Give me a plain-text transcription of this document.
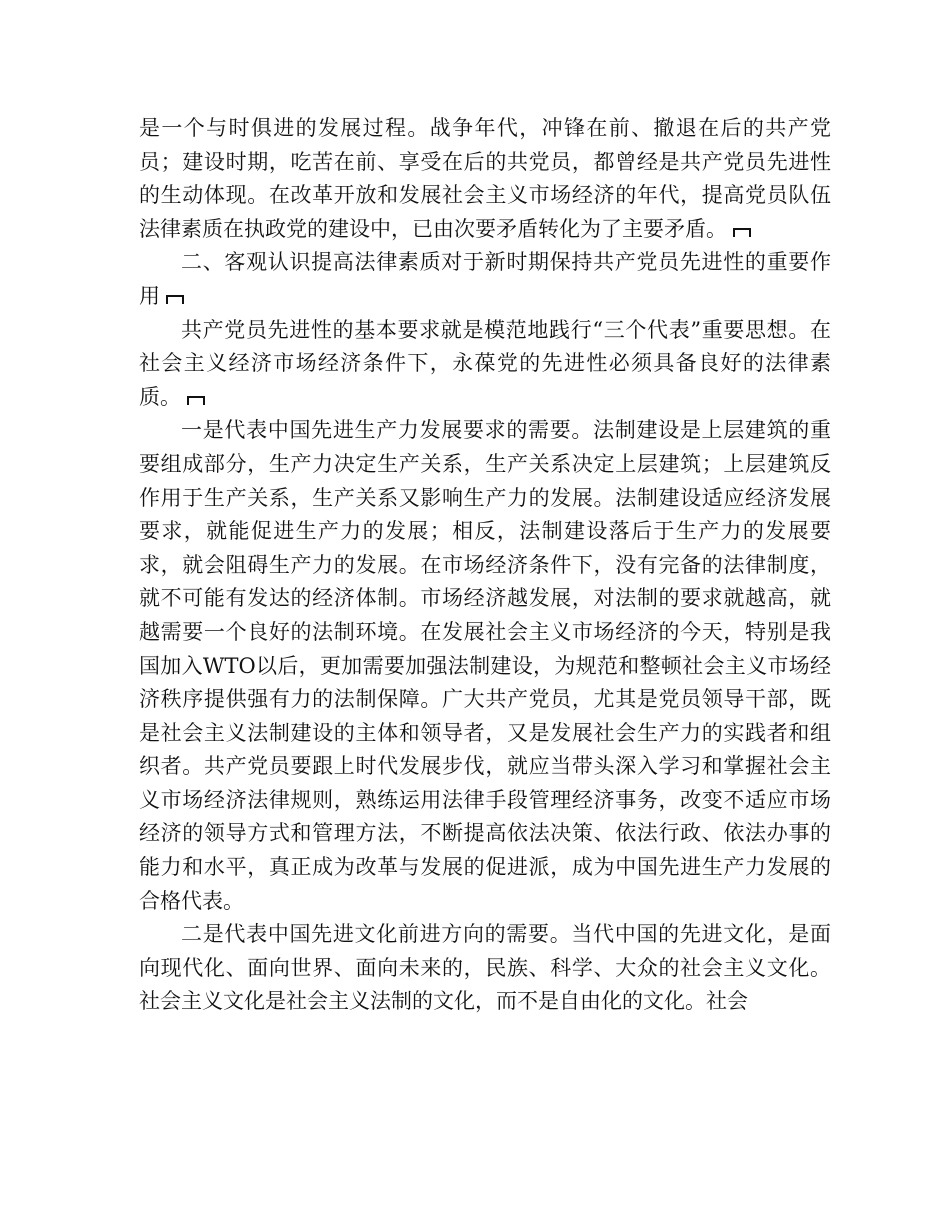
是一个与时俱进的发展过程。战争年代，冲锋在前、撤退在后的共产党员；建设时期，吃苦在前、享受在后的共党员，都曾经是共产党员先进性的生动体现。在改革开放和发展社会主义市场经济的年代，提高党员队伍法律素质在执政党的建设中，已由次要矛盾转化为了主要矛盾。

二、客观认识提高法律素质对于新时期保持共产党员先进性的重要作用

共产党员先进性的基本要求就是模范地践行“三个代表”重要思想。在社会主义经济市场经济条件下，永葆党的先进性必须具备良好的法律素质。

一是代表中国先进生产力发展要求的需要。法制建设是上层建筑的重要组成部分，生产力决定生产关系，生产关系决定上层建筑；上层建筑反作用于生产关系，生产关系又影响生产力的发展。法制建设适应经济发展要求，就能促进生产力的发展；相反，法制建设落后于生产力的发展要求，就会阻碍生产力的发展。在市场经济条件下，没有完备的法律制度，就不可能有发达的经济体制。市场经济越发展，对法制的要求就越高，就越需要一个良好的法制环境。在发展社会主义市场经济的今天，特别是我国加入WTO以后，更加需要加强法制建设，为规范和整顿社会主义市场经济秩序提供强有力的法制保障。广大共产党员，尤其是党员领导干部，既是社会主义法制建设的主体和领导者，又是发展社会生产力的实践者和组织者。共产党员要跟上时代发展步伐，就应当带头深入学习和掌握社会主义市场经济法律规则，熟练运用法律手段管理经济事务，改变不适应市场经济的领导方式和管理方法，不断提高依法决策、依法行政、依法办事的能力和水平，真正成为改革与发展的促进派，成为中国先进生产力发展的合格代表。

二是代表中国先进文化前进方向的需要。当代中国的先进文化，是面向现代化、面向世界、面向未来的，民族、科学、大众的社会主义文化。社会主义文化是社会主义法制的文化，而不是自由化的文化。社会
